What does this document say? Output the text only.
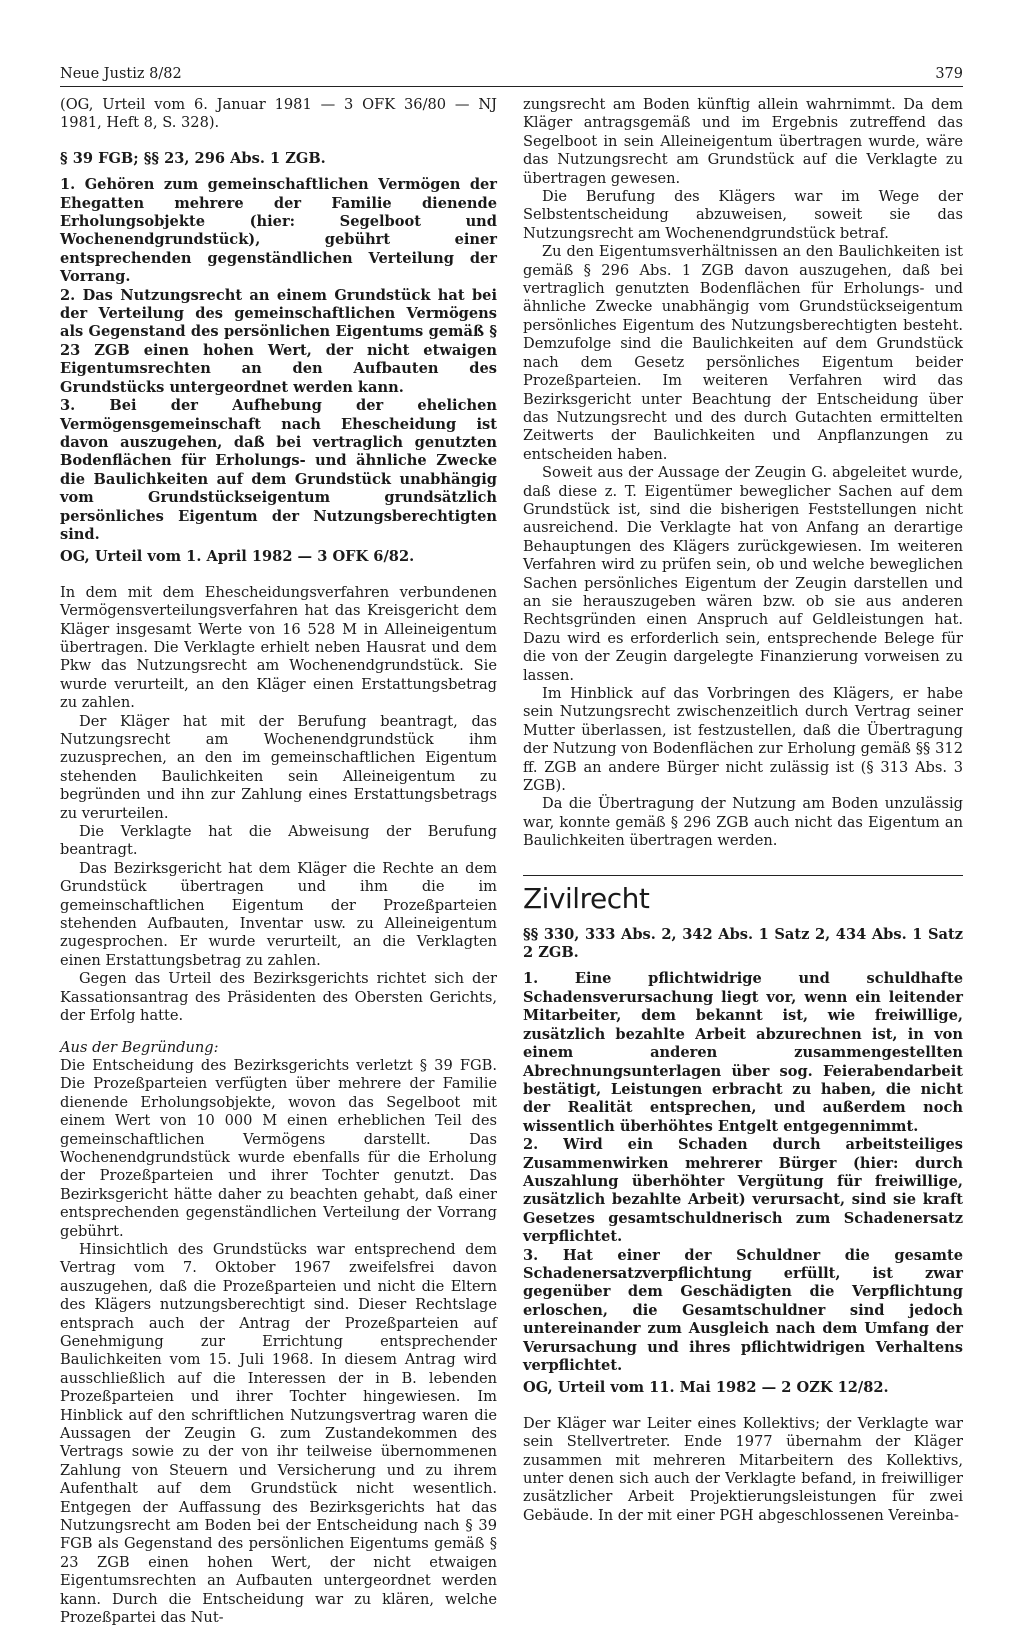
Neue Justiz 8/82	379

(OG, Urteil vom 6. Januar 1981 — 3 OFK 36/80 — NJ 1981, Heft 8, S. 328).

§ 39 FGB; §§ 23, 296 Abs. 1 ZGB.

1. Gehören zum gemeinschaftlichen Vermögen der Ehegatten mehrere der Familie dienende Erholungsobjekte (hier: Segelboot und Wochenendgrundstück), gebührt einer entsprechenden gegenständlichen Verteilung der Vorrang.

2. Das Nutzungsrecht an einem Grundstück hat bei der Verteilung des gemeinschaftlichen Vermögens als Gegenstand des persönlichen Eigentums gemäß § 23 ZGB einen hohen Wert, der nicht etwaigen Eigentumsrechten an den Aufbauten des Grundstücks untergeordnet werden kann.

3. Bei der Aufhebung der ehelichen Vermögensgemeinschaft nach Ehescheidung ist davon auszugehen, daß bei vertraglich genutzten Bodenflächen für Erholungs- und ähnliche Zwecke die Baulichkeiten auf dem Grundstück unabhängig vom Grundstückseigentum grundsätzlich persönliches Eigentum der Nutzungsberechtigten sind.

OG, Urteil vom 1. April 1982 — 3 OFK 6/82.

In dem mit dem Ehescheidungsverfahren verbundenen Vermögensverteilungsverfahren hat das Kreisgericht dem Kläger insgesamt Werte von 16 528 M in Alleineigentum übertragen. Die Verklagte erhielt neben Hausrat und dem Pkw das Nutzungsrecht am Wochenendgrundstück. Sie wurde verurteilt, an den Kläger einen Erstattungsbetrag zu zahlen.

Der Kläger hat mit der Berufung beantragt, das Nutzungsrecht am Wochenendgrundstück ihm zuzusprechen, an den im gemeinschaftlichen Eigentum stehenden Baulichkeiten sein Alleineigentum zu begründen und ihn zur Zahlung eines Erstattungsbetrags zu verurteilen.

Die Verklagte hat die Abweisung der Berufung beantragt.

Das Bezirksgericht hat dem Kläger die Rechte an dem Grundstück übertragen und ihm die im gemeinschaftlichen Eigentum der Prozeßparteien stehenden Aufbauten, Inventar usw. zu Alleineigentum zugesprochen. Er wurde verurteilt, an die Verklagten einen Erstattungsbetrag zu zahlen.

Gegen das Urteil des Bezirksgerichts richtet sich der Kassationsantrag des Präsidenten des Obersten Gerichts, der Erfolg hatte.

Aus der Begründung:

Die Entscheidung des Bezirksgerichts verletzt § 39 FGB. Die Prozeßparteien verfügten über mehrere der Familie dienende Erholungsobjekte, wovon das Segelboot mit einem Wert von 10 000 M einen erheblichen Teil des gemeinschaftlichen Vermögens darstellt. Das Wochenendgrundstück wurde ebenfalls für die Erholung der Prozeßparteien und ihrer Tochter genutzt. Das Bezirksgericht hätte daher zu beachten gehabt, daß einer entsprechenden gegenständlichen Verteilung der Vorrang gebührt.

Hinsichtlich des Grundstücks war entsprechend dem Vertrag vom 7. Oktober 1967 zweifelsfrei davon auszugehen, daß die Prozeßparteien und nicht die Eltern des Klägers nutzungsberechtigt sind. Dieser Rechtslage entsprach auch der Antrag der Prozeßparteien auf Genehmigung zur Errichtung entsprechender Baulichkeiten vom 15. Juli 1968. In diesem Antrag wird ausschließlich auf die Interessen der in B. lebenden Prozeßparteien und ihrer Tochter hingewiesen. Im Hinblick auf den schriftlichen Nutzungsvertrag waren die Aussagen der Zeugin G. zum Zustandekommen des Vertrags sowie zu der von ihr teilweise übernommenen Zahlung von Steuern und Versicherung und zu ihrem Aufenthalt auf dem Grundstück nicht wesentlich. Entgegen der Auffassung des Bezirksgerichts hat das Nutzungsrecht am Boden bei der Entscheidung nach § 39 FGB als Gegenstand des persönlichen Eigentums gemäß § 23 ZGB einen hohen Wert, der nicht etwaigen Eigentumsrechten an Aufbauten untergeordnet werden kann. Durch die Entscheidung war zu klären, welche Prozeßpartei das Nut-

zungsrecht am Boden künftig allein wahrnimmt. Da dem Kläger antragsgemäß und im Ergebnis zutreffend das Segelboot in sein Alleineigentum übertragen wurde, wäre das Nutzungsrecht am Grundstück auf die Verklagte zu übertragen gewesen.

Die Berufung des Klägers war im Wege der Selbstentscheidung abzuweisen, soweit sie das Nutzungsrecht am Wochenendgrundstück betraf.

Zu den Eigentumsverhältnissen an den Baulichkeiten ist gemäß § 296 Abs. 1 ZGB davon auszugehen, daß bei vertraglich genutzten Bodenflächen für Erholungs- und ähnliche Zwecke unabhängig vom Grundstückseigentum persönliches Eigentum des Nutzungsberechtigten besteht. Demzufolge sind die Baulichkeiten auf dem Grundstück nach dem Gesetz persönliches Eigentum beider Prozeßparteien. Im weiteren Verfahren wird das Bezirksgericht unter Beachtung der Entscheidung über das Nutzungsrecht und des durch Gutachten ermittelten Zeitwerts der Baulichkeiten und Anpflanzungen zu entscheiden haben.

Soweit aus der Aussage der Zeugin G. abgeleitet wurde, daß diese z. T. Eigentümer beweglicher Sachen auf dem Grundstück ist, sind die bisherigen Feststellungen nicht ausreichend. Die Verklagte hat von Anfang an derartige Behauptungen des Klägers zurückgewiesen. Im weiteren Verfahren wird zu prüfen sein, ob und welche beweglichen Sachen persönliches Eigentum der Zeugin darstellen und an sie herauszugeben wären bzw. ob sie aus anderen Rechtsgründen einen Anspruch auf Geldleistungen hat. Dazu wird es erforderlich sein, entsprechende Belege für die von der Zeugin dargelegte Finanzierung vorweisen zu lassen.

Im Hinblick auf das Vorbringen des Klägers, er habe sein Nutzungsrecht zwischenzeitlich durch Vertrag seiner Mutter überlassen, ist festzustellen, daß die Übertragung der Nutzung von Bodenflächen zur Erholung gemäß §§ 312 ff. ZGB an andere Bürger nicht zulässig ist (§ 313 Abs. 3 ZGB).

Da die Übertragung der Nutzung am Boden unzulässig war, konnte gemäß § 296 ZGB auch nicht das Eigentum an Baulichkeiten übertragen werden.

Zivilrecht

§§ 330, 333 Abs. 2, 342 Abs. 1 Satz 2, 434 Abs. 1 Satz 2 ZGB.

1. Eine pflichtwidrige und schuldhafte Schadensverursachung liegt vor, wenn ein leitender Mitarbeiter, dem bekannt ist, wie freiwillige, zusätzlich bezahlte Arbeit abzurechnen ist, in von einem anderen zusammengestellten Abrechnungsunterlagen über sog. Feierabendarbeit bestätigt, Leistungen erbracht zu haben, die nicht der Realität entsprechen, und außerdem noch wissentlich überhöhtes Entgelt entgegennimmt.

2. Wird ein Schaden durch arbeitsteiliges Zusammenwirken mehrerer Bürger (hier: durch Auszahlung überhöhter Vergütung für freiwillige, zusätzlich bezahlte Arbeit) verursacht, sind sie kraft Gesetzes gesamtschuldnerisch zum Schadenersatz verpflichtet.

3. Hat einer der Schuldner die gesamte Schadenersatzverpflichtung erfüllt, ist zwar gegenüber dem Geschädigten die Verpflichtung erloschen, die Gesamtschuldner sind jedoch untereinander zum Ausgleich nach dem Umfang der Verursachung und ihres pflichtwidrigen Verhaltens verpflichtet.

OG, Urteil vom 11. Mai 1982 — 2 OZK 12/82.

Der Kläger war Leiter eines Kollektivs; der Verklagte war sein Stellvertreter. Ende 1977 übernahm der Kläger zusammen mit mehreren Mitarbeitern des Kollektivs, unter denen sich auch der Verklagte befand, in freiwilliger zusätzlicher Arbeit Projektierungsleistungen für zwei Gebäude. In der mit einer PGH abgeschlossenen Vereinba-
